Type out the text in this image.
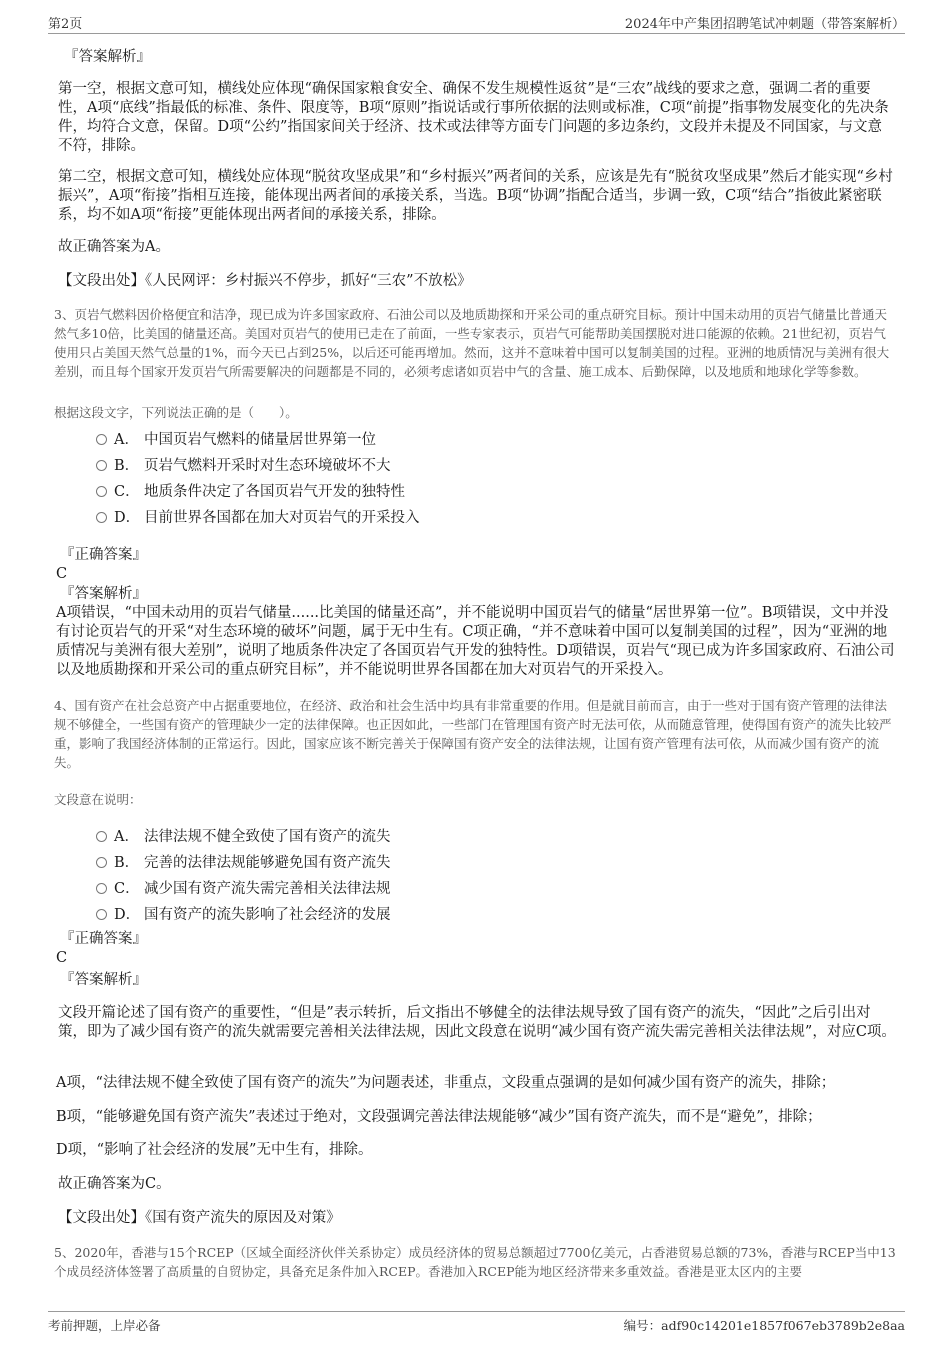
第2页	2024年中产集团招聘笔试冲刺题（带答案解析）
『答案解析』

第一空，根据文意可知，横线处应体现“确保国家粮食安全、确保不发生规模性返贫”是“三农”战线的要求之意，强调二者的重要性，A项“底线”指最低的标准、条件、限度等，B项“原则”指说话或行事所依据的法则或标准，C项“前提”指事物发展变化的先决条件，均符合文意，保留。D项“公约”指国家间关于经济、技术或法律等方面专门问题的多边条约，文段并未提及不同国家，与文意不符，排除。

第二空，根据文意可知，横线处应体现“脱贫攻坚成果”和“乡村振兴”两者间的关系，应该是先有“脱贫攻坚成果”然后才能实现“乡村振兴”，A项“衔接”指相互连接，能体现出两者间的承接关系，当选。B项“协调”指配合适当，步调一致，C项“结合”指彼此紧密联系，均不如A项“衔接”更能体现出两者间的承接关系，排除。

故正确答案为A。

【文段出处】《人民网评：乡村振兴不停步，抓好“三农”不放松》

3、页岩气燃料因价格便宜和洁净，现已成为许多国家政府、石油公司以及地质勘探和开采公司的重点研究目标。预计中国未动用的页岩气储量比普通天然气多10倍，比美国的储量还高。美国对页岩气的使用已走在了前面，一些专家表示，页岩气可能帮助美国摆脱对进口能源的依赖。21世纪初，页岩气使用只占美国天然气总量的1%，而今天已占到25%，以后还可能再增加。然而，这并不意味着中国可以复制美国的过程。亚洲的地质情况与美洲有很大差别，而且每个国家开发页岩气所需要解决的问题都是不同的，必须考虑诸如页岩中气的含量、施工成本、后勤保障，以及地质和地球化学等参数。

根据这段文字，下列说法正确的是（　　）。

A． 中国页岩气燃料的储量居世界第一位
B． 页岩气燃料开采时对生态环境破坏不大
C． 地质条件决定了各国页岩气开发的独特性
D． 目前世界各国都在加大对页岩气的开采投入
『正确答案』
C
『答案解析』

A项错误，“中国未动用的页岩气储量......比美国的储量还高”，并不能说明中国页岩气的储量“居世界第一位”。B项错误，文中并没有讨论页岩气的开采“对生态环境的破坏”问题，属于无中生有。C项正确，“并不意味着中国可以复制美国的过程”，因为“亚洲的地质情况与美洲有很大差别”，说明了地质条件决定了各国页岩气开发的独特性。D项错误，页岩气“现已成为许多国家政府、石油公司以及地质勘探和开采公司的重点研究目标”，并不能说明世界各国都在加大对页岩气的开采投入。

4、国有资产在社会总资产中占据重要地位，在经济、政治和社会生活中均具有非常重要的作用。但是就目前而言，由于一些对于国有资产管理的法律法规不够健全，一些国有资产的管理缺少一定的法律保障。也正因如此，一些部门在管理国有资产时无法可依，从而随意管理，使得国有资产的流失比较严重，影响了我国经济体制的正常运行。因此，国家应该不断完善关于保障国有资产安全的法律法规，让国有资产管理有法可依，从而减少国有资产的流失。

文段意在说明：

A． 法律法规不健全致使了国有资产的流失
B． 完善的法律法规能够避免国有资产流失
C． 减少国有资产流失需完善相关法律法规
D． 国有资产的流失影响了社会经济的发展
『正确答案』
C
『答案解析』

文段开篇论述了国有资产的重要性，“但是”表示转折，后文指出不够健全的法律法规导致了国有资产的流失，“因此”之后引出对策，即为了减少国有资产的流失就需要完善相关法律法规，因此文段意在说明“减少国有资产流失需完善相关法律法规”，对应C项。

A项，“法律法规不健全致使了国有资产的流失”为问题表述，非重点，文段重点强调的是如何减少国有资产的流失，排除；

B项，“能够避免国有资产流失”表述过于绝对，文段强调完善法律法规能够“减少”国有资产流失，而不是“避免”，排除；

D项，“影响了社会经济的发展”无中生有，排除。

故正确答案为C。

【文段出处】《国有资产流失的原因及对策》

5、2020年，香港与15个RCEP（区域全面经济伙伴关系协定）成员经济体的贸易总额超过7700亿美元，占香港贸易总额的73%，香港与RCEP当中13个成员经济体签署了高质量的自贸协定，具备充足条件加入RCEP。香港加入RCEP能为地区经济带来多重效益。香港是亚太区内的主要

考前押题，上岸必备	编号：adf90c14201e1857f067eb3789b2e8aa
